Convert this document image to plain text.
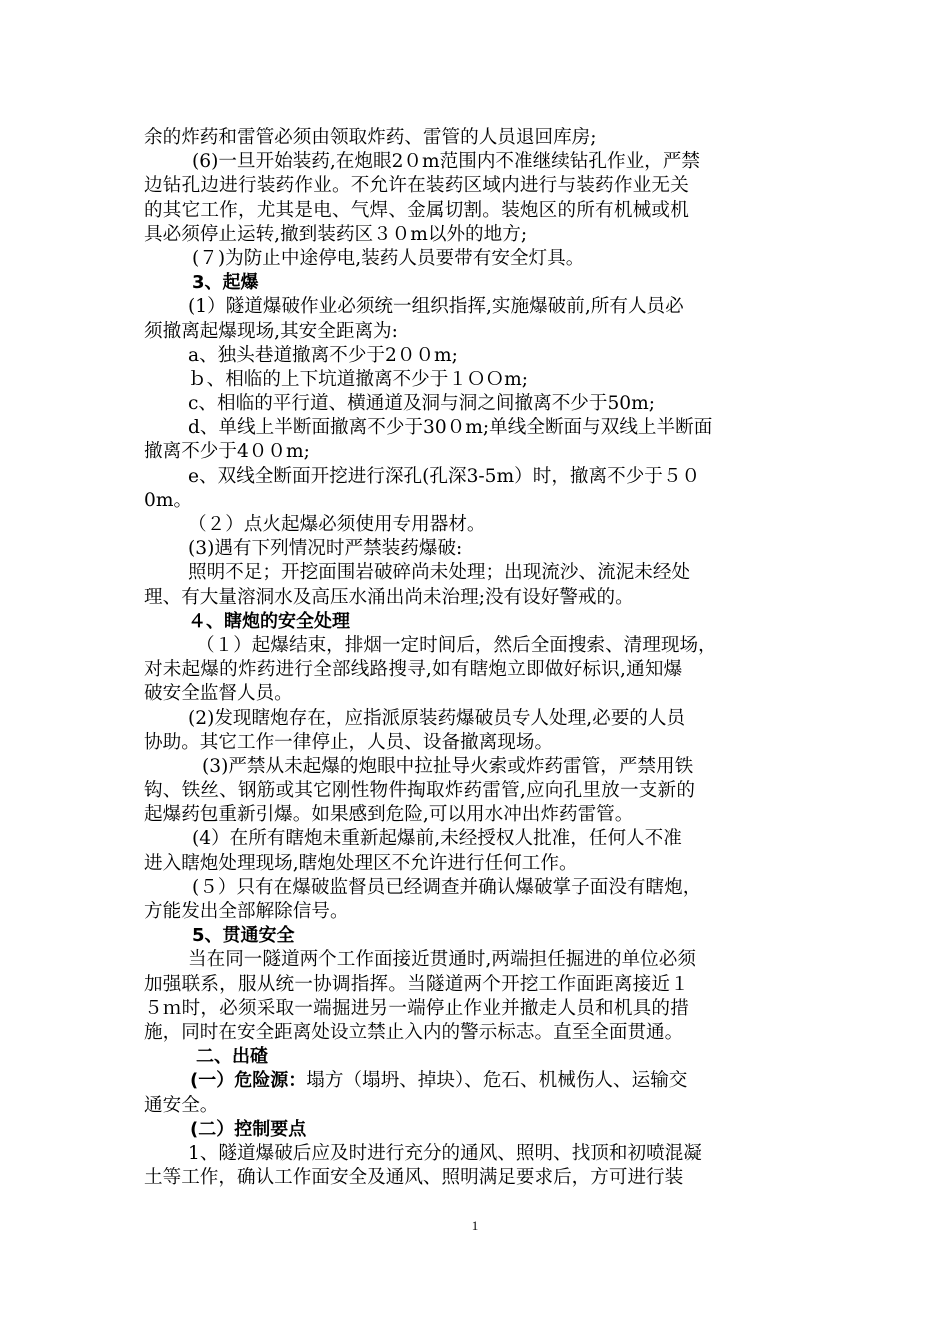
余的炸药和雷管必须由领取炸药、雷管的人员退回库房;
(6)一旦开始装药,在炮眼2０m范围内不准继续钻孔作业，严禁
边钻孔边进行装药作业。不允许在装药区域内进行与装药作业无关
的其它工作，尤其是电、气焊、金属切割。装炮区的所有机械或机
具必须停止运转,撤到装药区３０m以外的地方;
(７)为防止中途停电,装药人员要带有安全灯具。
3、起爆
(1）隧道爆破作业必须统一组织指挥,实施爆破前,所有人员必
须撤离起爆现场,其安全距离为:
a、独头巷道撤离不少于2００m;
ｂ、相临的上下坑道撤离不少于１ＯＯm;
c、相临的平行道、横通道及洞与洞之间撤离不少于50m;
d、单线上半断面撤离不少于30０m;单线全断面与双线上半断面
撤离不少于4００m;
e、双线全断面开挖进行深孔(孔深3-5m）时，撤离不少于５０
0m。
（２）点火起爆必须使用专用器材。
(3)遇有下列情况时严禁装药爆破:
照明不足；开挖面围岩破碎尚未处理；出现流沙、流泥未经处
理、有大量溶洞水及高压水涌出尚未治理;没有设好警戒的。
４、瞎炮的安全处理
（１）起爆结束，排烟一定时间后，然后全面搜索、清理现场，
对未起爆的炸药进行全部线路搜寻,如有瞎炮立即做好标识,通知爆
破安全监督人员。
(2)发现瞎炮存在，应指派原装药爆破员专人处理,必要的人员
协助。其它工作一律停止，人员、设备撤离现场。
(3)严禁从未起爆的炮眼中拉扯导火索或炸药雷管，严禁用铁
钩、铁丝、钢筋或其它刚性物件掏取炸药雷管,应向孔里放一支新的
起爆药包重新引爆。如果感到危险,可以用水冲出炸药雷管。
(4）在所有瞎炮未重新起爆前,未经授权人批准，任何人不准
进入瞎炮处理现场,瞎炮处理区不允许进行任何工作。
(５）只有在爆破监督员已经调查并确认爆破掌子面没有瞎炮，
方能发出全部解除信号。
5、贯通安全
当在同一隧道两个工作面接近贯通时,两端担任掘进的单位必须
加强联系，服从统一协调指挥。当隧道两个开挖工作面距离接近１
５ｍ时，必须采取一端掘进另一端停止作业并撤走人员和机具的措
施，同时在安全距离处设立禁止入内的警示标志。直至全面贯通。
二、出碴
(一）危险源：塌方（塌坍、掉块）、危石、机械伤人、运输交
通安全。
(二）控制要点
1、隧道爆破后应及时进行充分的通风、照明、找顶和初喷混凝
土等工作，确认工作面安全及通风、照明满足要求后，方可进行装
1
